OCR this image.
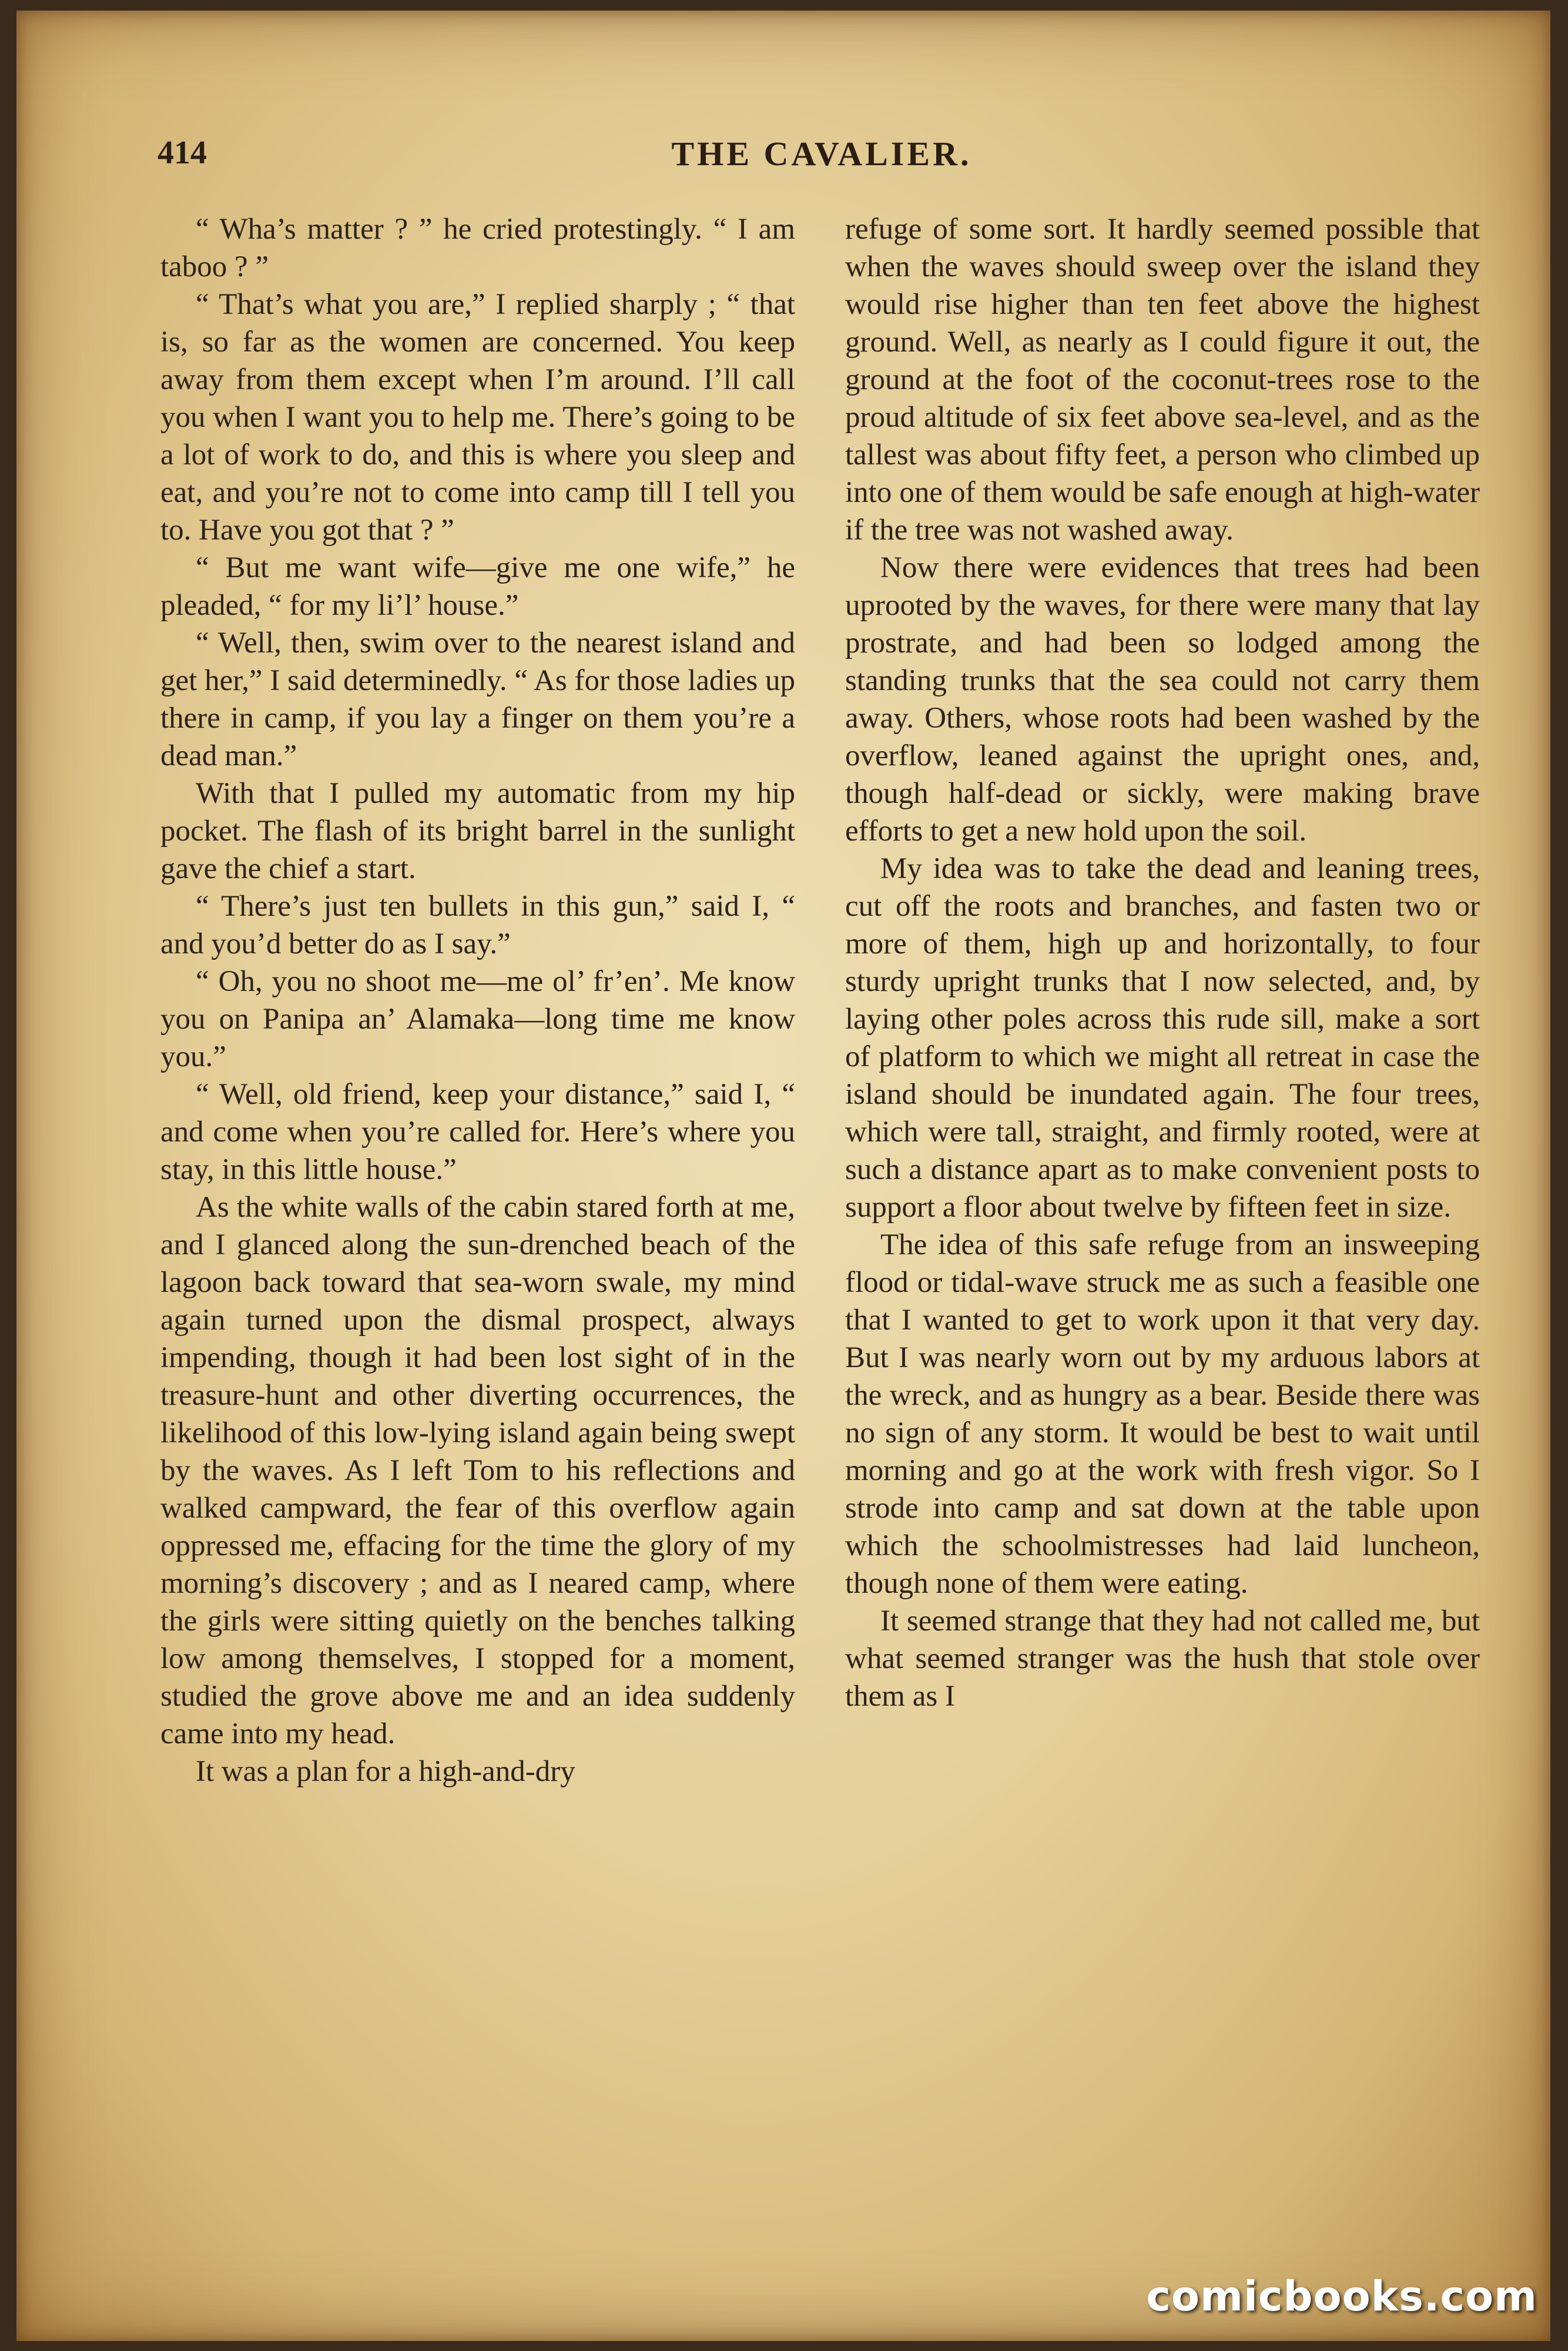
414	THE CAVALIER.

“ Wha’s matter ? ” he cried protestingly. “ I am taboo ? ”

“ That’s what you are,” I replied sharply ; “ that is, so far as the women are concerned. You keep away from them except when I’m around. I’ll call you when I want you to help me. There’s going to be a lot of work to do, and this is where you sleep and eat, and you’re not to come into camp till I tell you to. Have you got that ? ”

“ But me want wife—give me one wife,” he pleaded, “ for my li’l’ house.”

“ Well, then, swim over to the nearest island and get her,” I said determinedly. “ As for those ladies up there in camp, if you lay a finger on them you’re a dead man.”

With that I pulled my automatic from my hip pocket. The flash of its bright barrel in the sunlight gave the chief a start.

“ There’s just ten bullets in this gun,” said I, “ and you’d better do as I say.”

“ Oh, you no shoot me—me ol’ fr’en’. Me know you on Panipa an’ Alamaka—long time me know you.”

“ Well, old friend, keep your distance,” said I, “ and come when you’re called for. Here’s where you stay, in this little house.”

As the white walls of the cabin stared forth at me, and I glanced along the sun-drenched beach of the lagoon back toward that sea-worn swale, my mind again turned upon the dismal prospect, always impending, though it had been lost sight of in the treasure-hunt and other diverting occurrences, the likelihood of this low-lying island again being swept by the waves. As I left Tom to his reflections and walked campward, the fear of this overflow again oppressed me, effacing for the time the glory of my morning’s discovery ; and as I neared camp, where the girls were sitting quietly on the benches talking low among themselves, I stopped for a moment, studied the grove above me and an idea suddenly came into my head.

It was a plan for a high-and-dry

refuge of some sort. It hardly seemed possible that when the waves should sweep over the island they would rise higher than ten feet above the highest ground. Well, as nearly as I could figure it out, the ground at the foot of the coconut-trees rose to the proud altitude of six feet above sea-level, and as the tallest was about fifty feet, a person who climbed up into one of them would be safe enough at high-water if the tree was not washed away.

Now there were evidences that trees had been uprooted by the waves, for there were many that lay prostrate, and had been so lodged among the standing trunks that the sea could not carry them away. Others, whose roots had been washed by the overflow, leaned against the upright ones, and, though half-dead or sickly, were making brave efforts to get a new hold upon the soil.

My idea was to take the dead and leaning trees, cut off the roots and branches, and fasten two or more of them, high up and horizontally, to four sturdy upright trunks that I now selected, and, by laying other poles across this rude sill, make a sort of platform to which we might all retreat in case the island should be inundated again. The four trees, which were tall, straight, and firmly rooted, were at such a distance apart as to make convenient posts to support a floor about twelve by fifteen feet in size.

The idea of this safe refuge from an insweeping flood or tidal-wave struck me as such a feasible one that I wanted to get to work upon it that very day. But I was nearly worn out by my arduous labors at the wreck, and as hungry as a bear. Beside there was no sign of any storm. It would be best to wait until morning and go at the work with fresh vigor. So I strode into camp and sat down at the table upon which the schoolmistresses had laid luncheon, though none of them were eating.

It seemed strange that they had not called me, but what seemed stranger was the hush that stole over them as I

comicbooks.com
